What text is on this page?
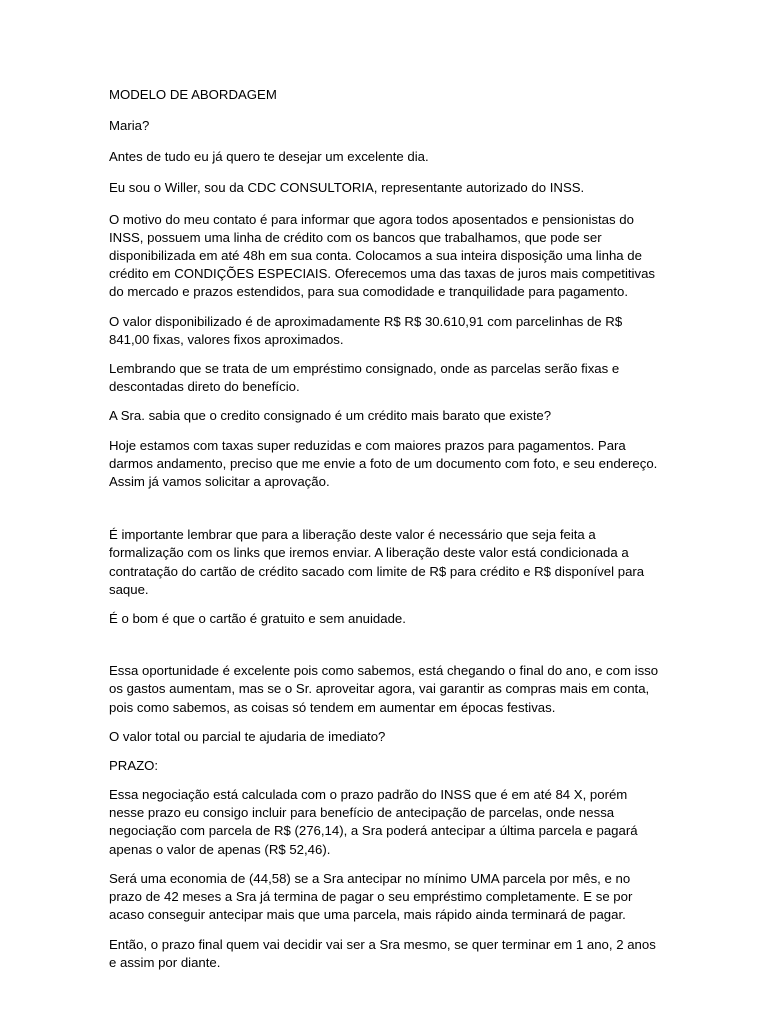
MODELO DE ABORDAGEM

Maria?

Antes de tudo eu já quero te desejar um excelente dia.

Eu sou o Willer, sou da CDC CONSULTORIA, representante autorizado do INSS.

O motivo do meu contato é para informar que agora todos aposentados e pensionistas do INSS, possuem uma linha de crédito com os bancos que trabalhamos, que pode ser disponibilizada em até 48h em sua conta. Colocamos a sua inteira disposição uma linha de crédito em CONDIÇÕES ESPECIAIS. Oferecemos uma das taxas de juros mais competitivas do mercado e prazos estendidos, para sua comodidade e tranquilidade para pagamento.

O valor disponibilizado é de aproximadamente R$ R$ 30.610,91 com parcelinhas de R$ 841,00 fixas, valores fixos aproximados.

Lembrando que se trata de um empréstimo consignado, onde as parcelas serão fixas e descontadas direto do benefício.

A Sra. sabia que o credito consignado é um crédito mais barato que existe?

Hoje estamos com taxas super reduzidas e com maiores prazos para pagamentos. Para darmos andamento, preciso que me envie a foto de um documento com foto, e seu endereço. Assim já vamos solicitar a aprovação.

É importante lembrar que para a liberação deste valor é necessário que seja feita a formalização com os links que iremos enviar. A liberação deste valor está condicionada a contratação do cartão de crédito sacado com limite de R$ para crédito e R$ disponível para saque.

É o bom é que o cartão é gratuito e sem anuidade.

Essa oportunidade é excelente pois como sabemos, está chegando o final do ano, e com isso os gastos aumentam, mas se o Sr. aproveitar agora, vai garantir as compras mais em conta, pois como sabemos, as coisas só tendem em aumentar em épocas festivas.

O valor total ou parcial te ajudaria de imediato?

PRAZO:

Essa negociação está calculada com o prazo padrão do INSS que é em até 84 X, porém nesse prazo eu consigo incluir para benefício de antecipação de parcelas, onde nessa negociação com parcela de R$ (276,14), a Sra poderá antecipar a última parcela e pagará apenas o valor de apenas (R$ 52,46).

Será uma economia de (44,58) se a Sra antecipar no mínimo UMA parcela por mês, e no prazo de 42 meses a Sra já termina de pagar o seu empréstimo completamente. E se por acaso conseguir antecipar mais que uma parcela, mais rápido ainda terminará de pagar.

Então, o prazo final quem vai decidir vai ser a Sra mesmo, se quer terminar em 1 ano, 2 anos e assim por diante.
